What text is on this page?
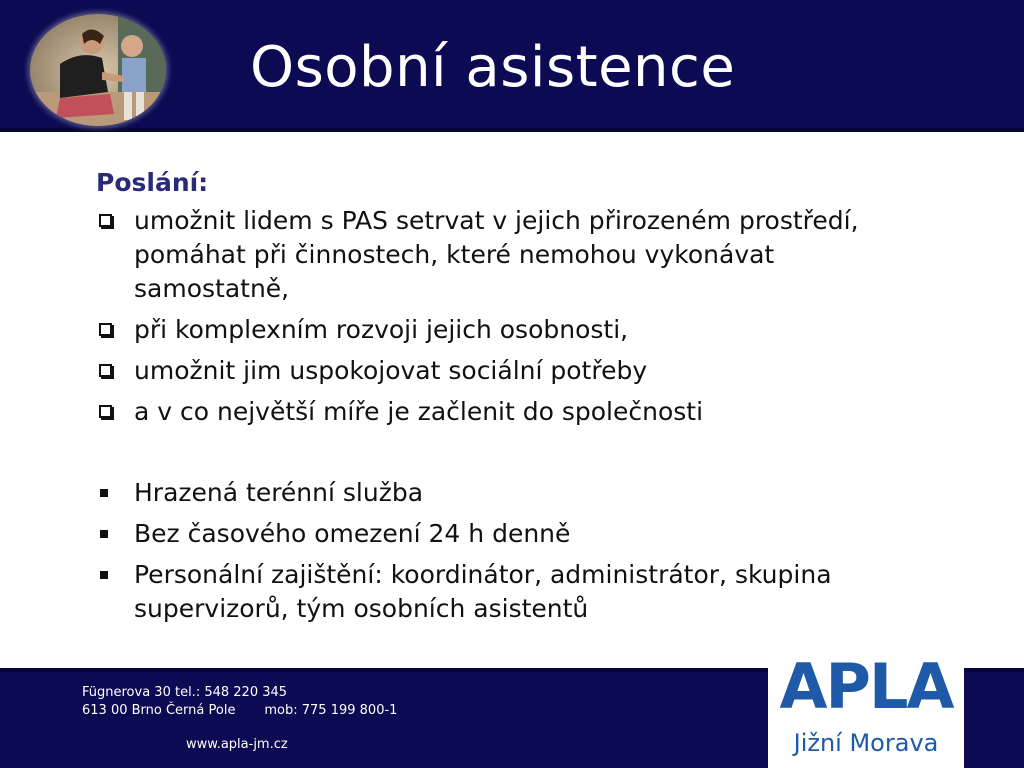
Osobní asistence
Poslání:
umožnit lidem s PAS setrvat v jejich přirozeném prostředí, pomáhat při činnostech, které nemohou vykonávat samostatně,
při komplexním rozvoji jejich osobnosti,
umožnit jim uspokojovat sociální potřeby
a v co největší míře je začlenit do společnosti
Hrazená terénní služba
Bez časového omezení 24 h denně
Personální zajištění: koordinátor, administrátor, skupina supervizorů, tým osobních asistentů
Fügnerova 30 tel.: 548 220 345
613 00 Brno Černá Pole       mob: 775 199 800-1
www.apla-jm.cz
APLA
Jižní Morava
